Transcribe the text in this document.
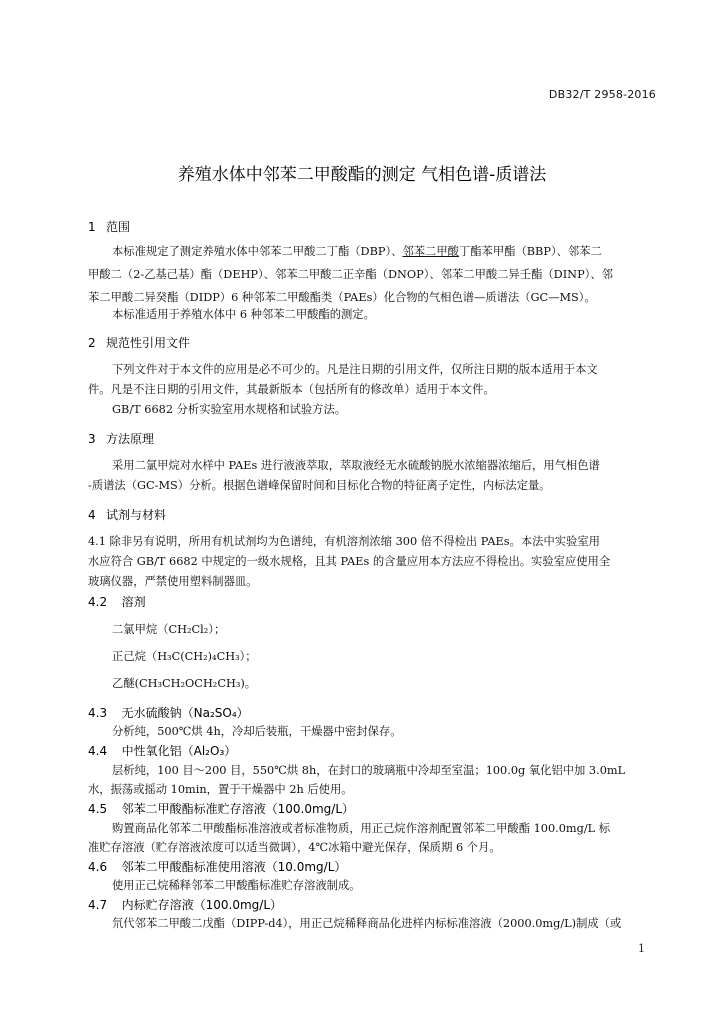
DB32/T 2958-2016
养殖水体中邻苯二甲酸酯的测定 气相色谱-质谱法
1 范围
本标准规定了测定养殖水体中邻苯二甲酸二丁酯（DBP）、邻苯二甲酸丁酯苯甲酯（BBP）、邻苯二
甲酸二（2-乙基己基）酯（DEHP）、邻苯二甲酸二正辛酯（DNOP）、邻苯二甲酸二异壬酯（DINP）、邻
苯二甲酸二异癸酯（DIDP）6 种邻苯二甲酸酯类（PAEs）化合物的气相色谱—质谱法（GC—MS）。
本标准适用于养殖水体中 6 种邻苯二甲酸酯的测定。
2 规范性引用文件
下列文件对于本文件的应用是必不可少的。凡是注日期的引用文件，仅所注日期的版本适用于本文
件。凡是不注日期的引用文件，其最新版本（包括所有的修改单）适用于本文件。
GB/T 6682 分析实验室用水规格和试验方法。
3 方法原理
采用二氯甲烷对水样中 PAEs 进行液液萃取，萃取液经无水硫酸钠脱水浓缩器浓缩后，用气相色谱
-质谱法（GC-MS）分析。根据色谱峰保留时间和目标化合物的特征离子定性，内标法定量。
4 试剂与材料
4.1 除非另有说明，所用有机试剂均为色谱纯，有机溶剂浓缩 300 倍不得检出 PAEs。本法中实验室用
水应符合 GB/T 6682 中规定的一级水规格，且其 PAEs 的含量应用本方法应不得检出。实验室应使用全
玻璃仪器，严禁使用塑料制器皿。
4.2 溶剂
二氯甲烷（CH₂Cl₂）；
正己烷（H₃C(CH₂)₄CH₃）；
乙醚(CH₃CH₂OCH₂CH₃)。
4.3 无水硫酸钠（Na₂SO₄）
分析纯，500℃烘 4h，冷却后装瓶，干燥器中密封保存。
4.4 中性氧化铝（Al₂O₃）
层析纯，100 目～200 目，550℃烘 8h，在封口的玻璃瓶中冷却至室温；100.0g 氧化铝中加 3.0mL
水，振荡或摇动 10min，置于干燥器中 2h 后使用。
4.5 邻苯二甲酸酯标准贮存溶液（100.0mg/L）
购置商品化邻苯二甲酸酯标准溶液或者标准物质，用正己烷作溶剂配置邻苯二甲酸酯 100.0mg/L 标
准贮存溶液（贮存溶液浓度可以适当微调），4℃冰箱中避光保存，保质期 6 个月。
4.6 邻苯二甲酸酯标准使用溶液（10.0mg/L）
使用正己烷稀释邻苯二甲酸酯标准贮存溶液制成。
4.7 内标贮存溶液（100.0mg/L）
氘代邻苯二甲酸二戊酯（DIPP-d4），用正己烷稀释商品化进样内标标准溶液（2000.0mg/L)制成（或
1
